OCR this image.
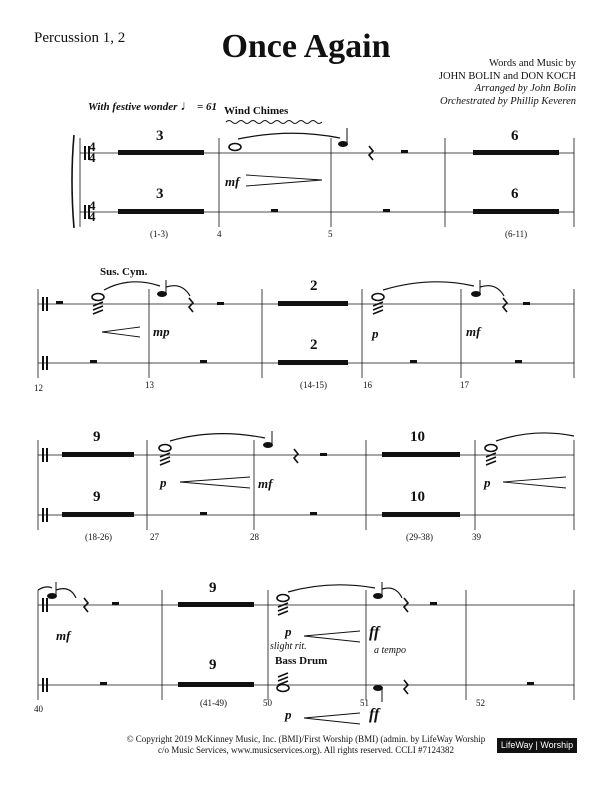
Percussion 1, 2	Once Again	Words and Music by
JOHN BOLIN and DON KOCH
Arranged by John Bolin
Orchestrated by Phillip Keveren
With festive wonder ♩ = 61
4
4
4
4
Wind Chimes
Sus. Cym.
3
3
6
6
mf
(1-3)	4	5	(6-11)
2
2
mp	p	mf
12	13	(14-15)	16	17
9
9
10
10
p	mf	p
(18-26)	27	28	(29-38)	39
9
9
mf	p
slight rit.
Bass Drum
ff
a tempo
p	ff
40
(41-49)	50	51	52
© Copyright 2019 McKinney Music, Inc. (BMI)/First Worship (BMI) (admin. by LifeWay Worship
c/o Music Services, www.musicservices.org). All rights reserved. CCLI #7124382	LifeWay | Worship
